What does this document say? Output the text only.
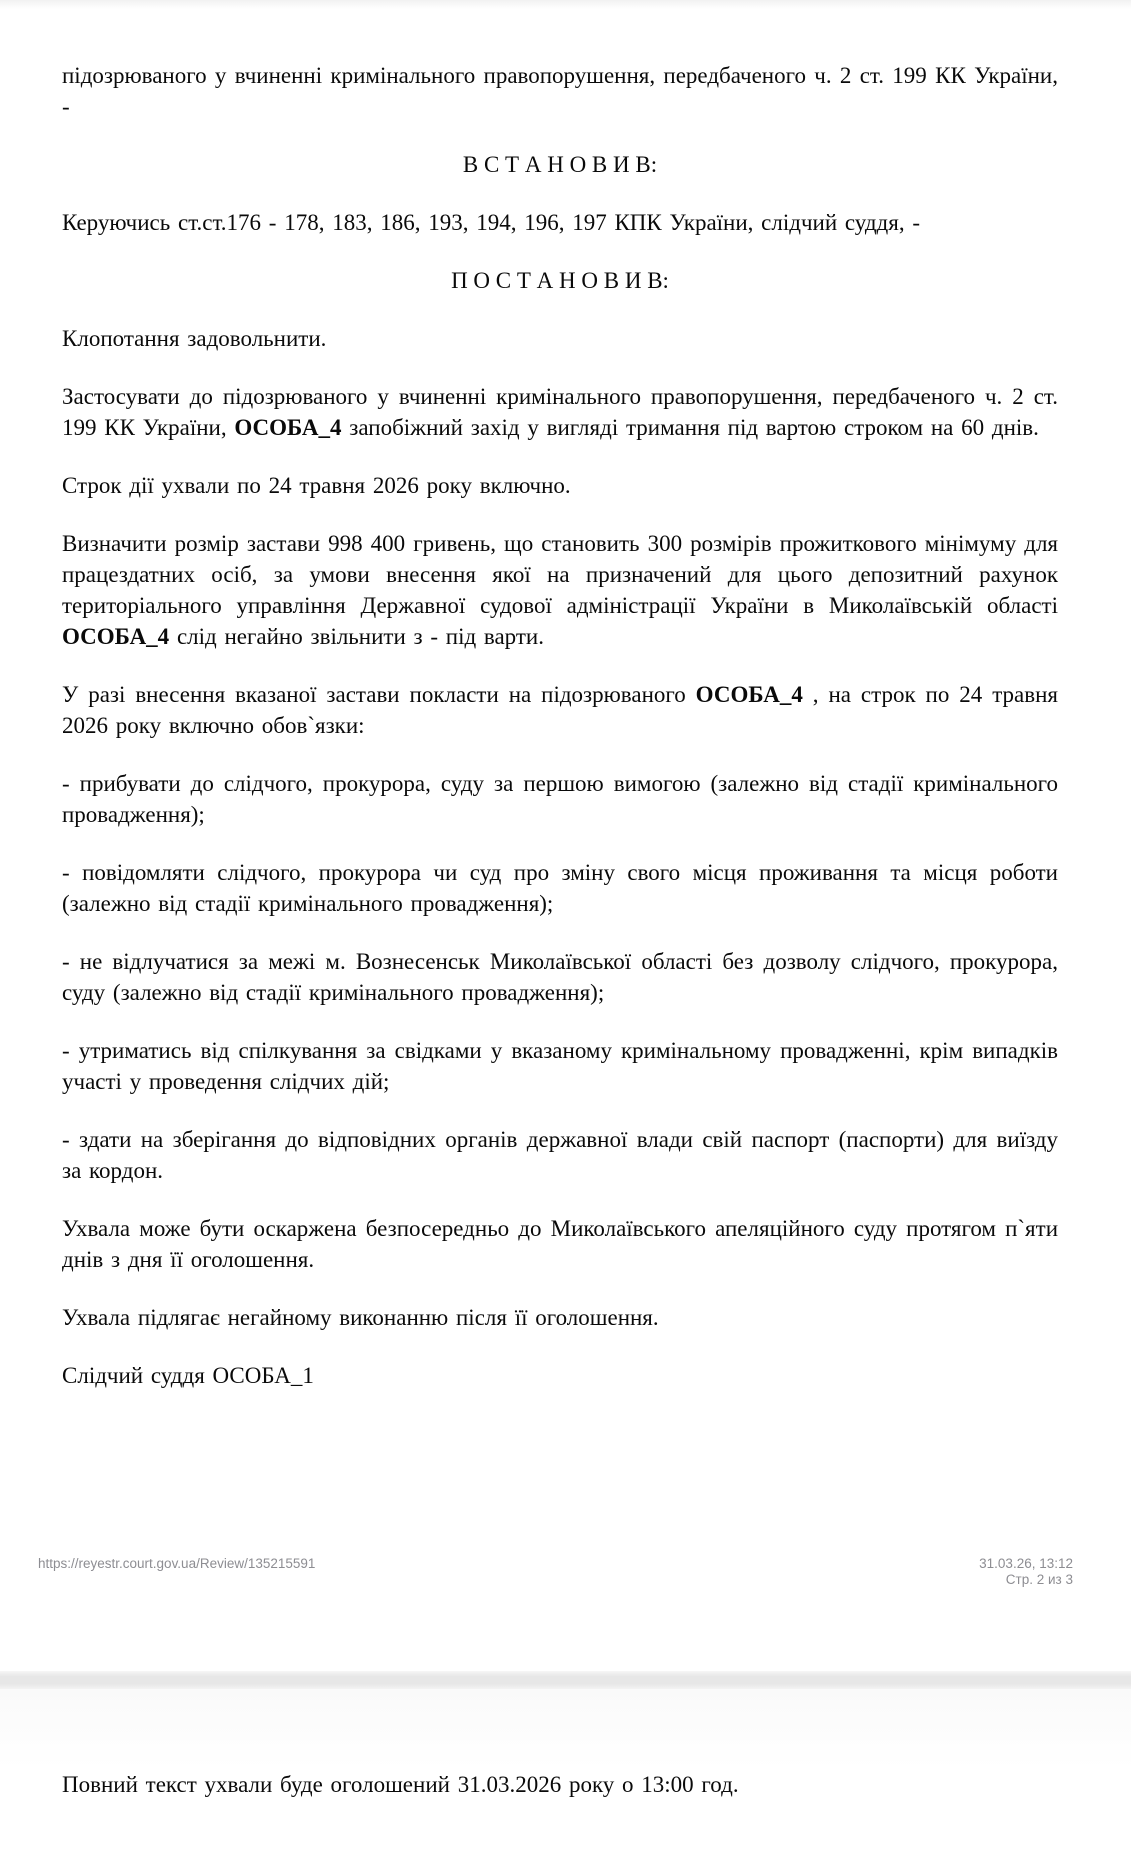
підозрюваного у вчиненні кримінального правопорушення, передбаченого ч. 2 ст. 199 КК України, -

В С Т А Н О В И В:

Керуючись ст.ст.176 - 178, 183, 186, 193, 194, 196, 197 КПК України, слідчий суддя, -

П О С Т А Н О В И В:

Клопотання задовольнити.

Застосувати до підозрюваного у вчиненні кримінального правопорушення, передбаченого ч. 2 ст. 199 КК України, ОСОБА_4 запобіжний захід у вигляді тримання під вартою строком на 60 днів.

Строк дії ухвали по 24 травня 2026 року включно.

Визначити розмір застави 998 400 гривень, що становить 300 розмірів прожиткового мінімуму для працездатних осіб, за умови внесення якої на призначений для цього депозитний рахунок територіального управління Державної судової адміністрації України в Миколаївській області ОСОБА_4 слід негайно звільнити з - під варти.

У разі внесення вказаної застави покласти на підозрюваного ОСОБА_4 , на строк по 24 травня 2026 року включно обов`язки:

- прибувати до слідчого, прокурора, суду за першою вимогою (залежно від стадії кримінального провадження);

- повідомляти слідчого, прокурора чи суд про зміну свого місця проживання та місця роботи (залежно від стадії кримінального провадження);

- не відлучатися за межі м. Вознесенськ Миколаївської області без дозволу слідчого, прокурора, суду (залежно від стадії кримінального провадження);

- утриматись від спілкування за свідками у вказаному кримінальному провадженні, крім випадків участі у проведення слідчих дій;

- здати на зберігання до відповідних органів державної влади свій паспорт (паспорти) для виїзду за кордон.

Ухвала може бути оскаржена безпосередньо до Миколаївського апеляційного суду протягом п`яти днів з дня її оголошення.

Ухвала підлягає негайному виконанню після її оголошення.

Слідчий суддя ОСОБА_1

https://reyestr.court.gov.ua/Review/135215591	31.03.26, 13:12
Стр. 2 из 3

Повний текст ухвали буде оголошений 31.03.2026 року о 13:00 год.
